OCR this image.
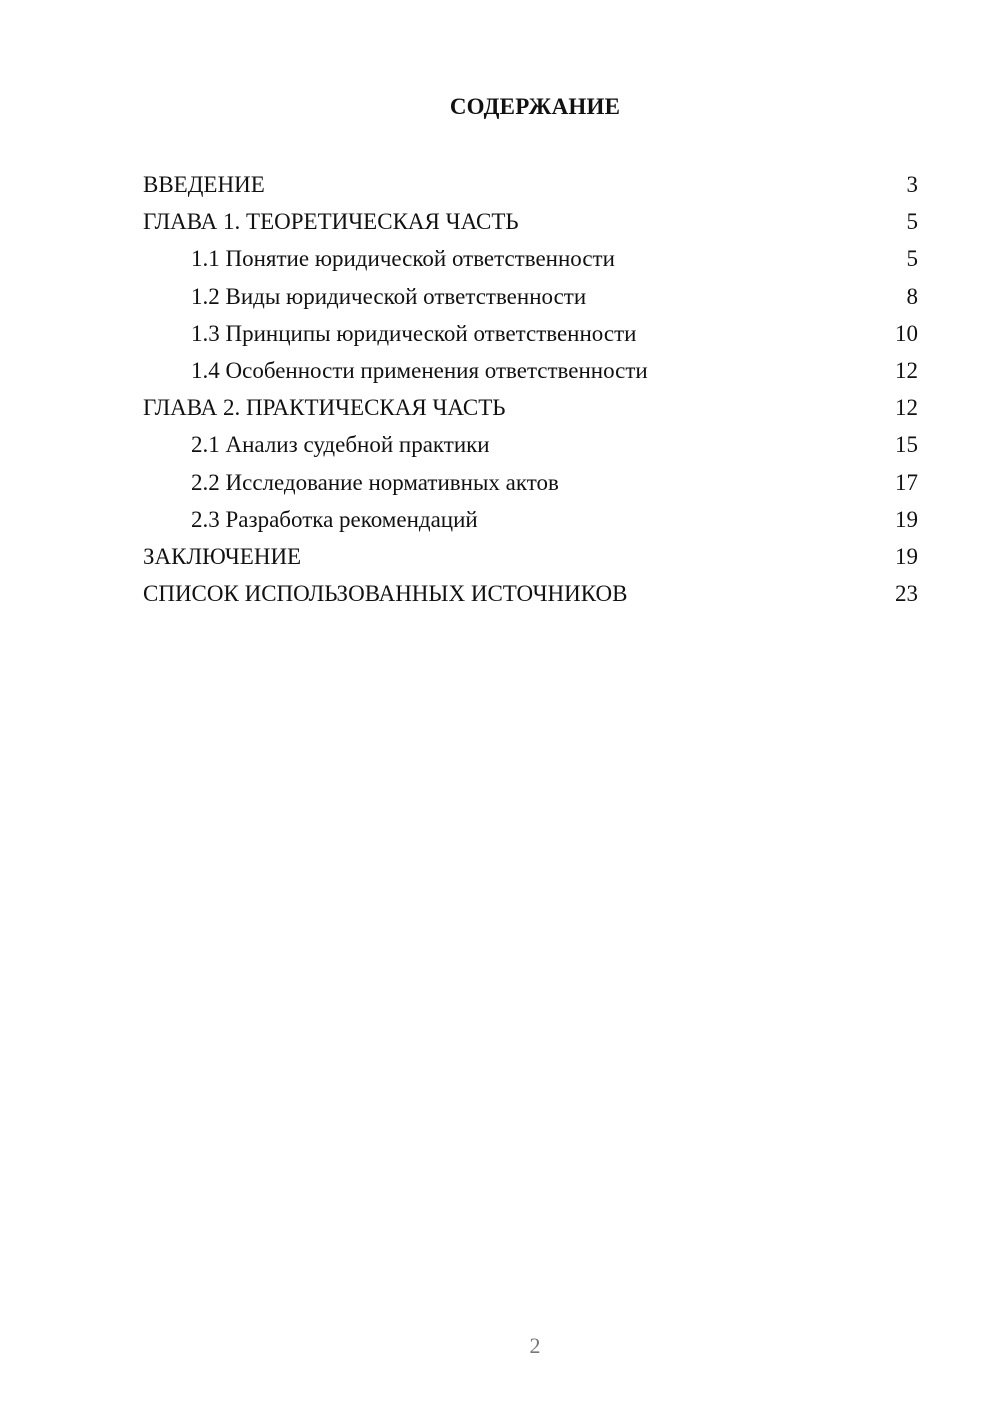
СОДЕРЖАНИЕ
ВВЕДЕНИЕ	3
ГЛАВА 1. ТЕОРЕТИЧЕСКАЯ ЧАСТЬ	5
1.1 Понятие юридической ответственности	5
1.2 Виды юридической ответственности	8
1.3 Принципы юридической ответственности	10
1.4 Особенности применения ответственности	12
ГЛАВА 2. ПРАКТИЧЕСКАЯ ЧАСТЬ	12
2.1 Анализ судебной практики	15
2.2 Исследование нормативных актов	17
2.3 Разработка рекомендаций	19
ЗАКЛЮЧЕНИЕ	19
СПИСОК ИСПОЛЬЗОВАННЫХ ИСТОЧНИКОВ	23
2
